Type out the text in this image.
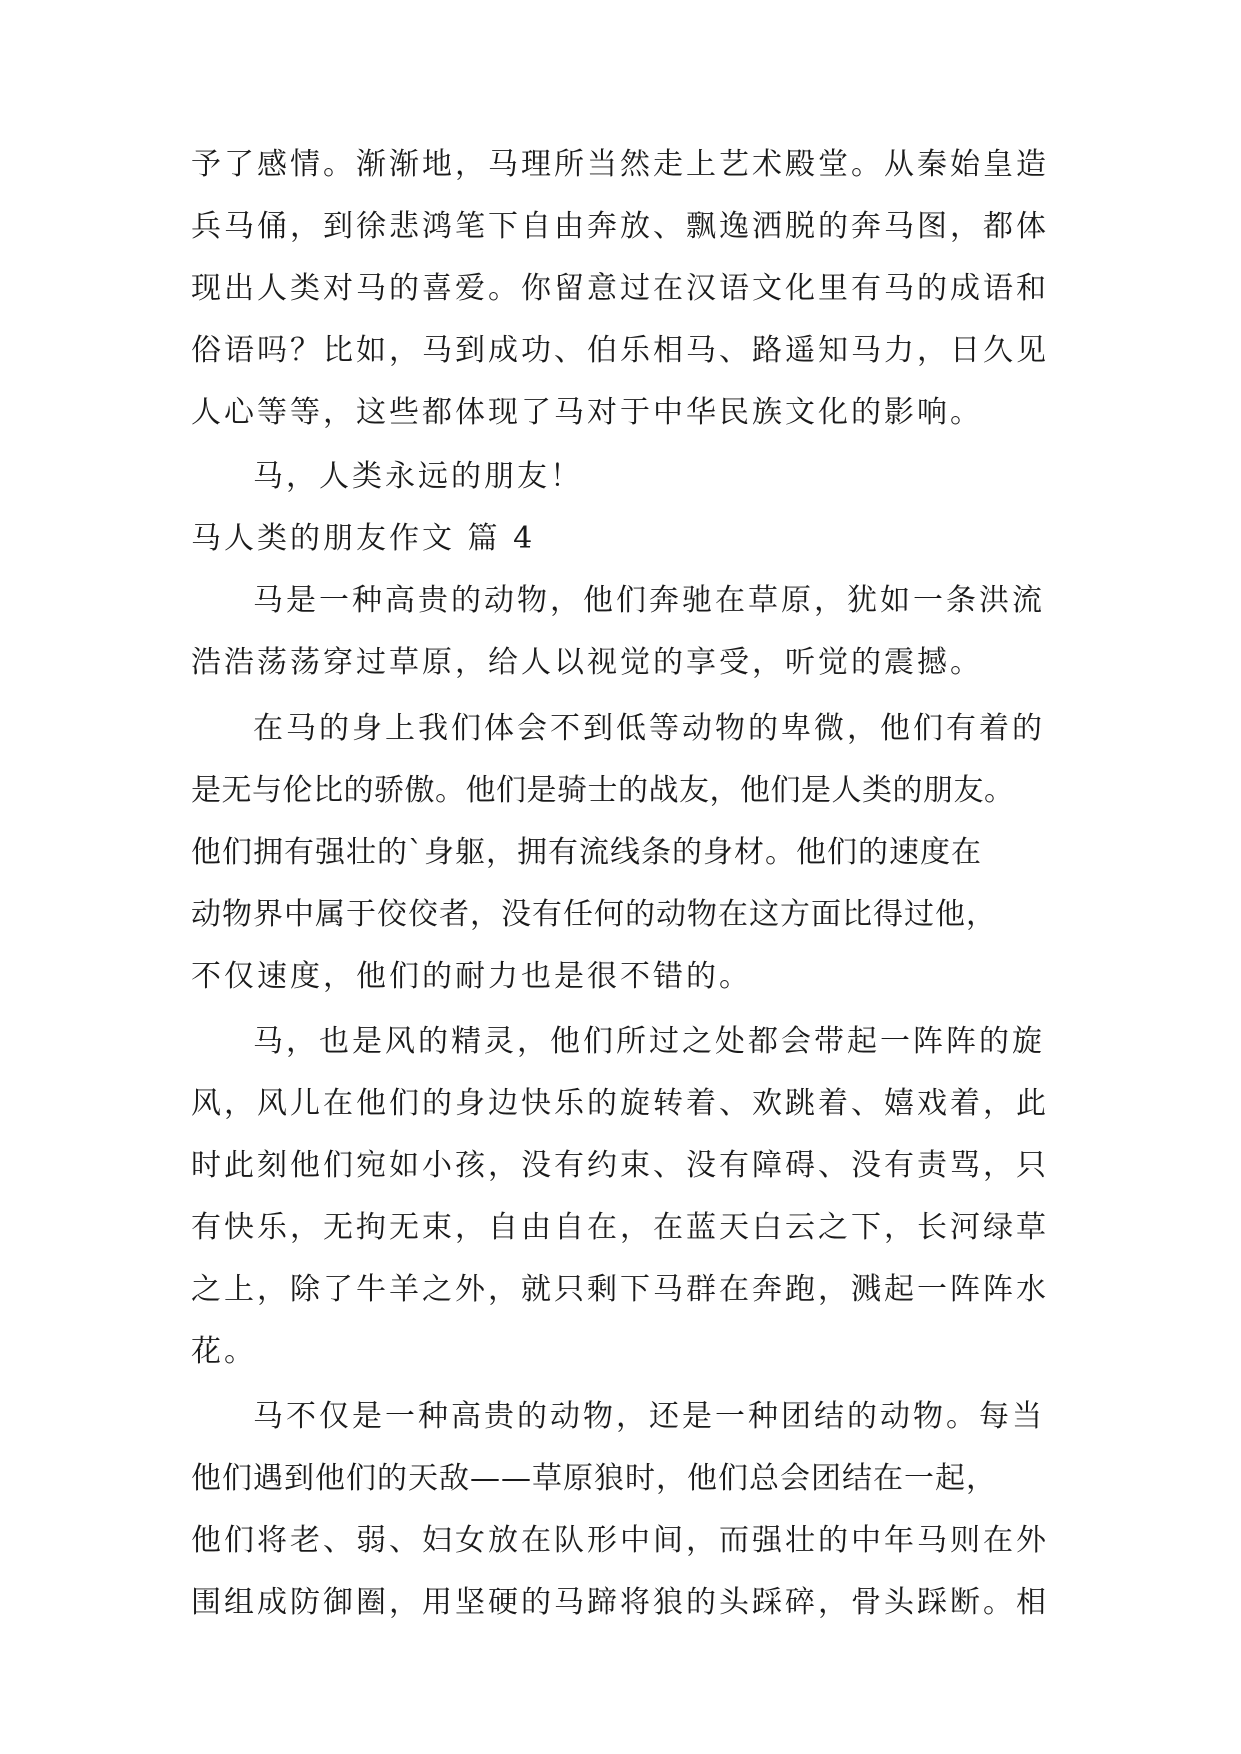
予了感情。渐渐地，马理所当然走上艺术殿堂。从秦始皇造
兵马俑，到徐悲鸿笔下自由奔放、飘逸洒脱的奔马图，都体
现出人类对马的喜爱。你留意过在汉语文化里有马的成语和
俗语吗？比如，马到成功、伯乐相马、路遥知马力，日久见
人心等等，这些都体现了马对于中华民族文化的影响。
马，人类永远的朋友！
马人类的朋友作文 篇 4
马是一种高贵的动物，他们奔驰在草原，犹如一条洪流
浩浩荡荡穿过草原，给人以视觉的享受，听觉的震撼。
在马的身上我们体会不到低等动物的卑微，他们有着的
是无与伦比的骄傲。他们是骑士的战友，他们是人类的朋友。
他们拥有强壮的`身躯，拥有流线条的身材。他们的速度在
动物界中属于佼佼者，没有任何的动物在这方面比得过他，
不仅速度，他们的耐力也是很不错的。
马，也是风的精灵，他们所过之处都会带起一阵阵的旋
风，风儿在他们的身边快乐的旋转着、欢跳着、嬉戏着，此
时此刻他们宛如小孩，没有约束、没有障碍、没有责骂，只
有快乐，无拘无束，自由自在，在蓝天白云之下，长河绿草
之上，除了牛羊之外，就只剩下马群在奔跑，溅起一阵阵水
花。
马不仅是一种高贵的动物，还是一种团结的动物。每当
他们遇到他们的天敌——草原狼时，他们总会团结在一起，
他们将老、弱、妇女放在队形中间，而强壮的中年马则在外
围组成防御圈，用坚硬的马蹄将狼的头踩碎，骨头踩断。相
